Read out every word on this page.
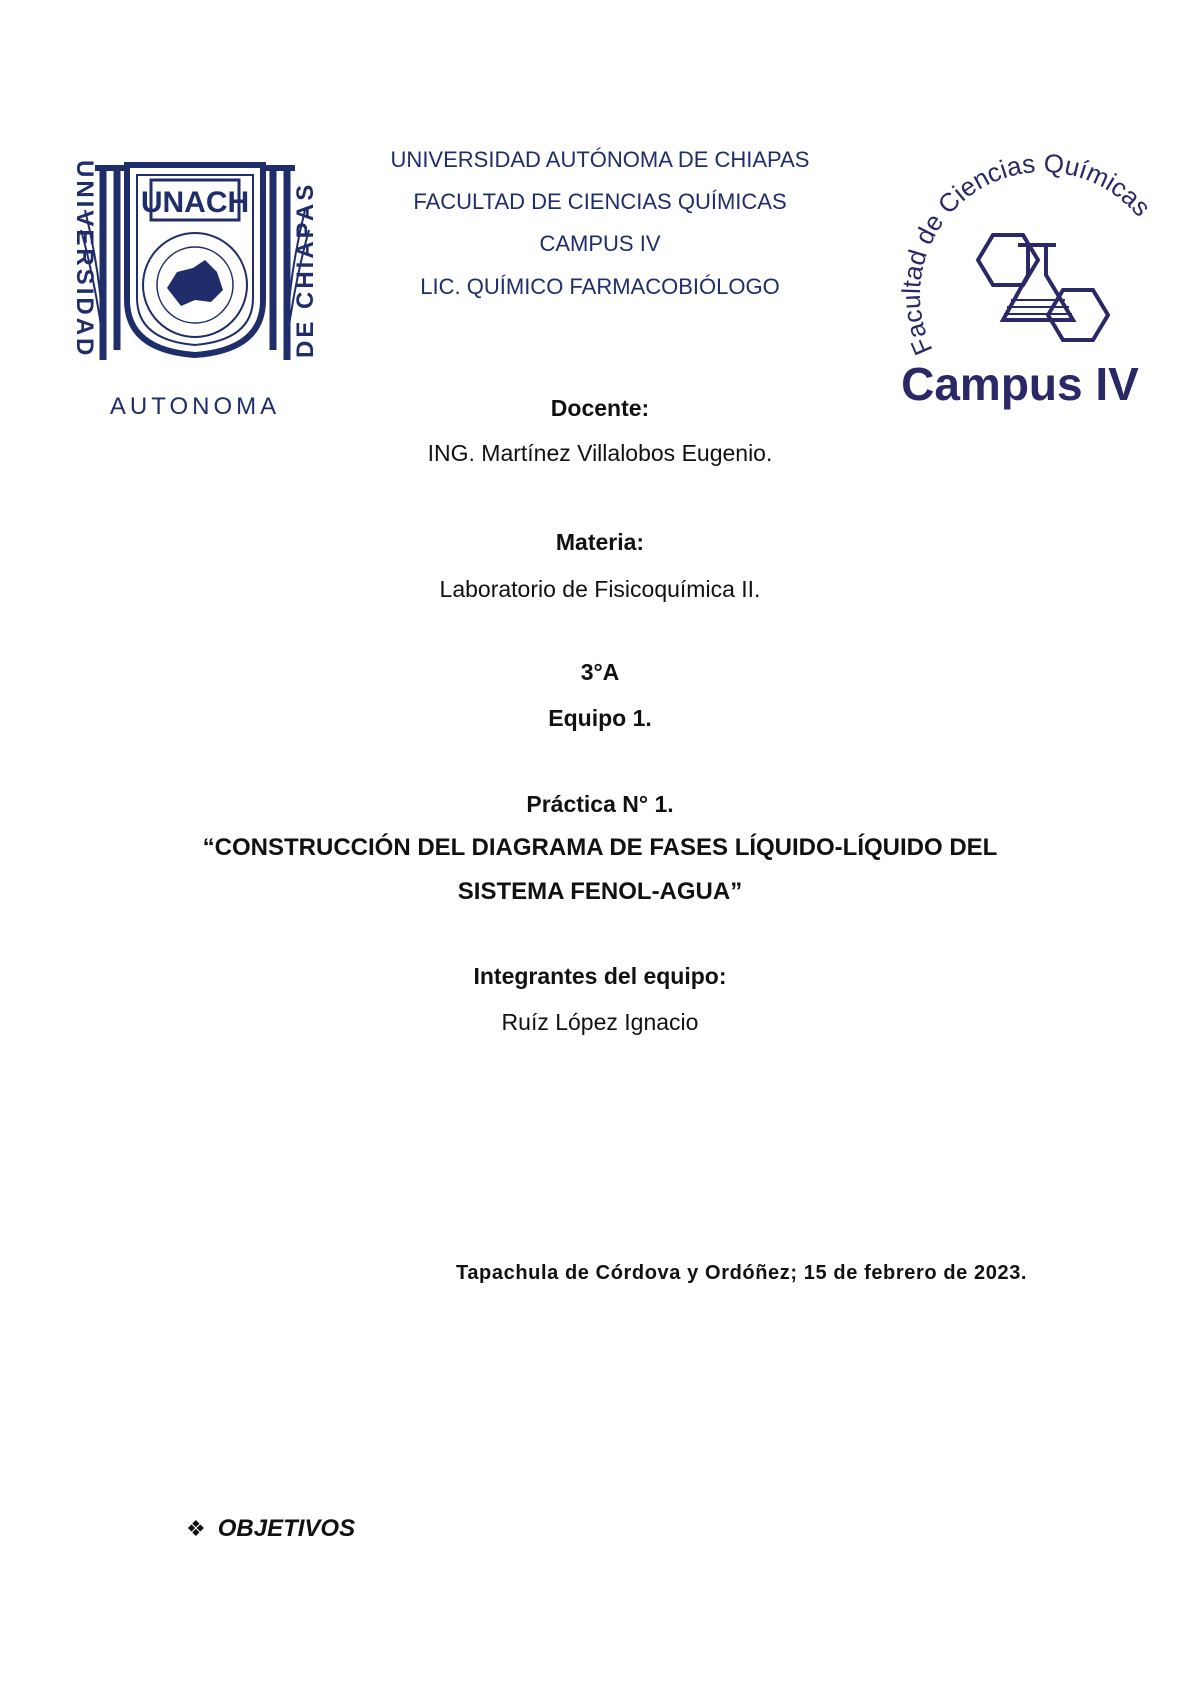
UNIVERSIDAD	DE CHIAPAS
UNACH
AUTONOMA
UNIVERSIDAD AUTÓNOMA DE CHIAPAS
FACULTAD DE CIENCIAS QUÍMICAS
CAMPUS IV
LIC. QUÍMICO FARMACOBIÓLOGO
Facultad de Ciencias Químicas
Campus IV
Docente:
ING. Martínez Villalobos Eugenio.
Materia:
Laboratorio de Fisicoquímica II.
3°A
Equipo 1.
Práctica N° 1.
“CONSTRUCCIÓN DEL DIAGRAMA DE FASES LÍQUIDO-LÍQUIDO DEL
SISTEMA FENOL-AGUA”
Integrantes del equipo:
Ruíz López Ignacio
Tapachula de Córdova y Ordóñez; 15 de febrero de 2023.
❖ OBJETIVOS
